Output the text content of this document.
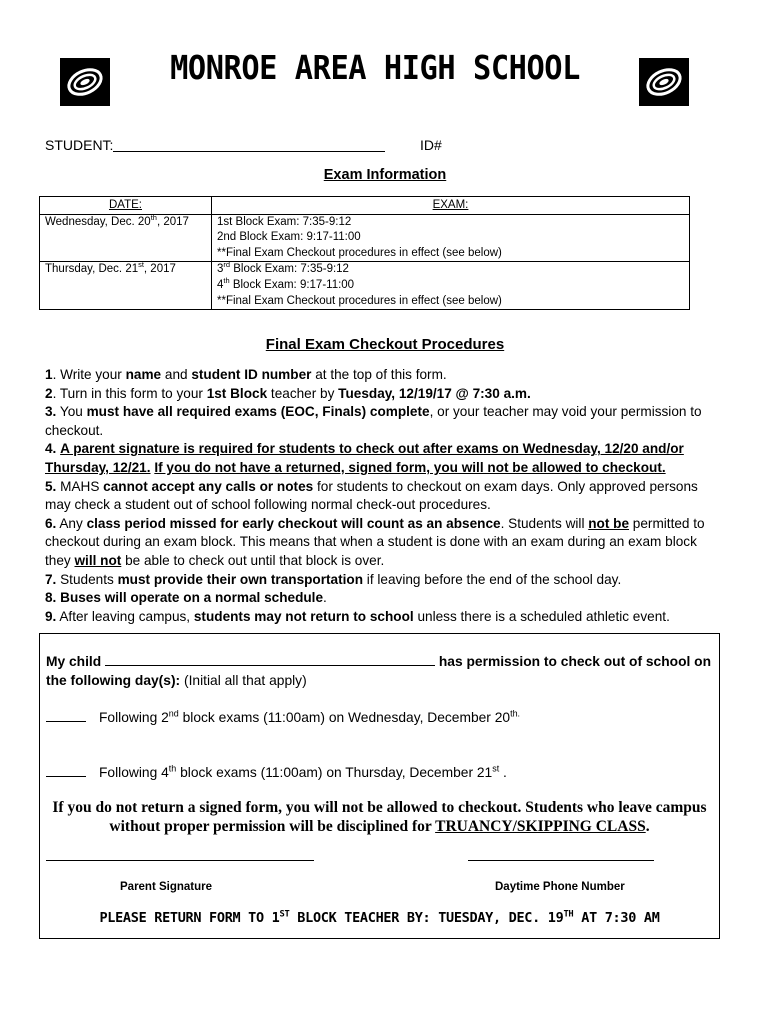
MONROE AREA HIGH SCHOOL
STUDENT:	ID#
Exam Information
DATE:	EXAM:
Wednesday, Dec. 20th, 2017	1st Block Exam: 7:35-9:12
2nd Block Exam: 9:17-11:00
**Final Exam Checkout procedures in effect (see below)

Thursday, Dec. 21st, 2017	3rd Block Exam: 7:35-9:12
4th Block Exam: 9:17-11:00
**Final Exam Checkout procedures in effect (see below)
Final Exam Checkout Procedures

1. Write your name and student ID number at the top of this form.

2. Turn in this form to your 1st Block teacher by Tuesday, 12/19/17 @ 7:30 a.m.

3. You must have all required exams (EOC, Finals) complete, or your teacher may void your permission to checkout.

4. A parent signature is required for students to check out after exams on Wednesday, 12/20 and/or Thursday, 12/21. If you do not have a returned, signed form, you will not be allowed to checkout.

5. MAHS cannot accept any calls or notes for students to checkout on exam days. Only approved persons may check a student out of school following normal check-out procedures.

6. Any class period missed for early checkout will count as an absence. Students will not be permitted to checkout during an exam block. This means that when a student is done with an exam during an exam block they will not be able to check out until that block is over.

7. Students must provide their own transportation if leaving before the end of the school day.

8. Buses will operate on a normal schedule.

9. After leaving campus, students may not return to school unless there is a scheduled athletic event.

My child	has permission to check out of school on the following day(s): (Initial all that apply)
Following 2nd block exams (11:00am) on Wednesday, December $20^{th.}$
Following 4th block exams (11:00am) on Thursday, December 21st .
If you do not return a signed form, you will not be allowed to checkout. Students who leave campus without proper permission will be disciplined for TRUANCY/SKIPPING CLASS.
Parent Signature	Daytime Phone Number
PLEASE RETURN FORM TO 1ST BLOCK TEACHER BY: TUESDAY, DEC. 19TH AT 7:30 AM
